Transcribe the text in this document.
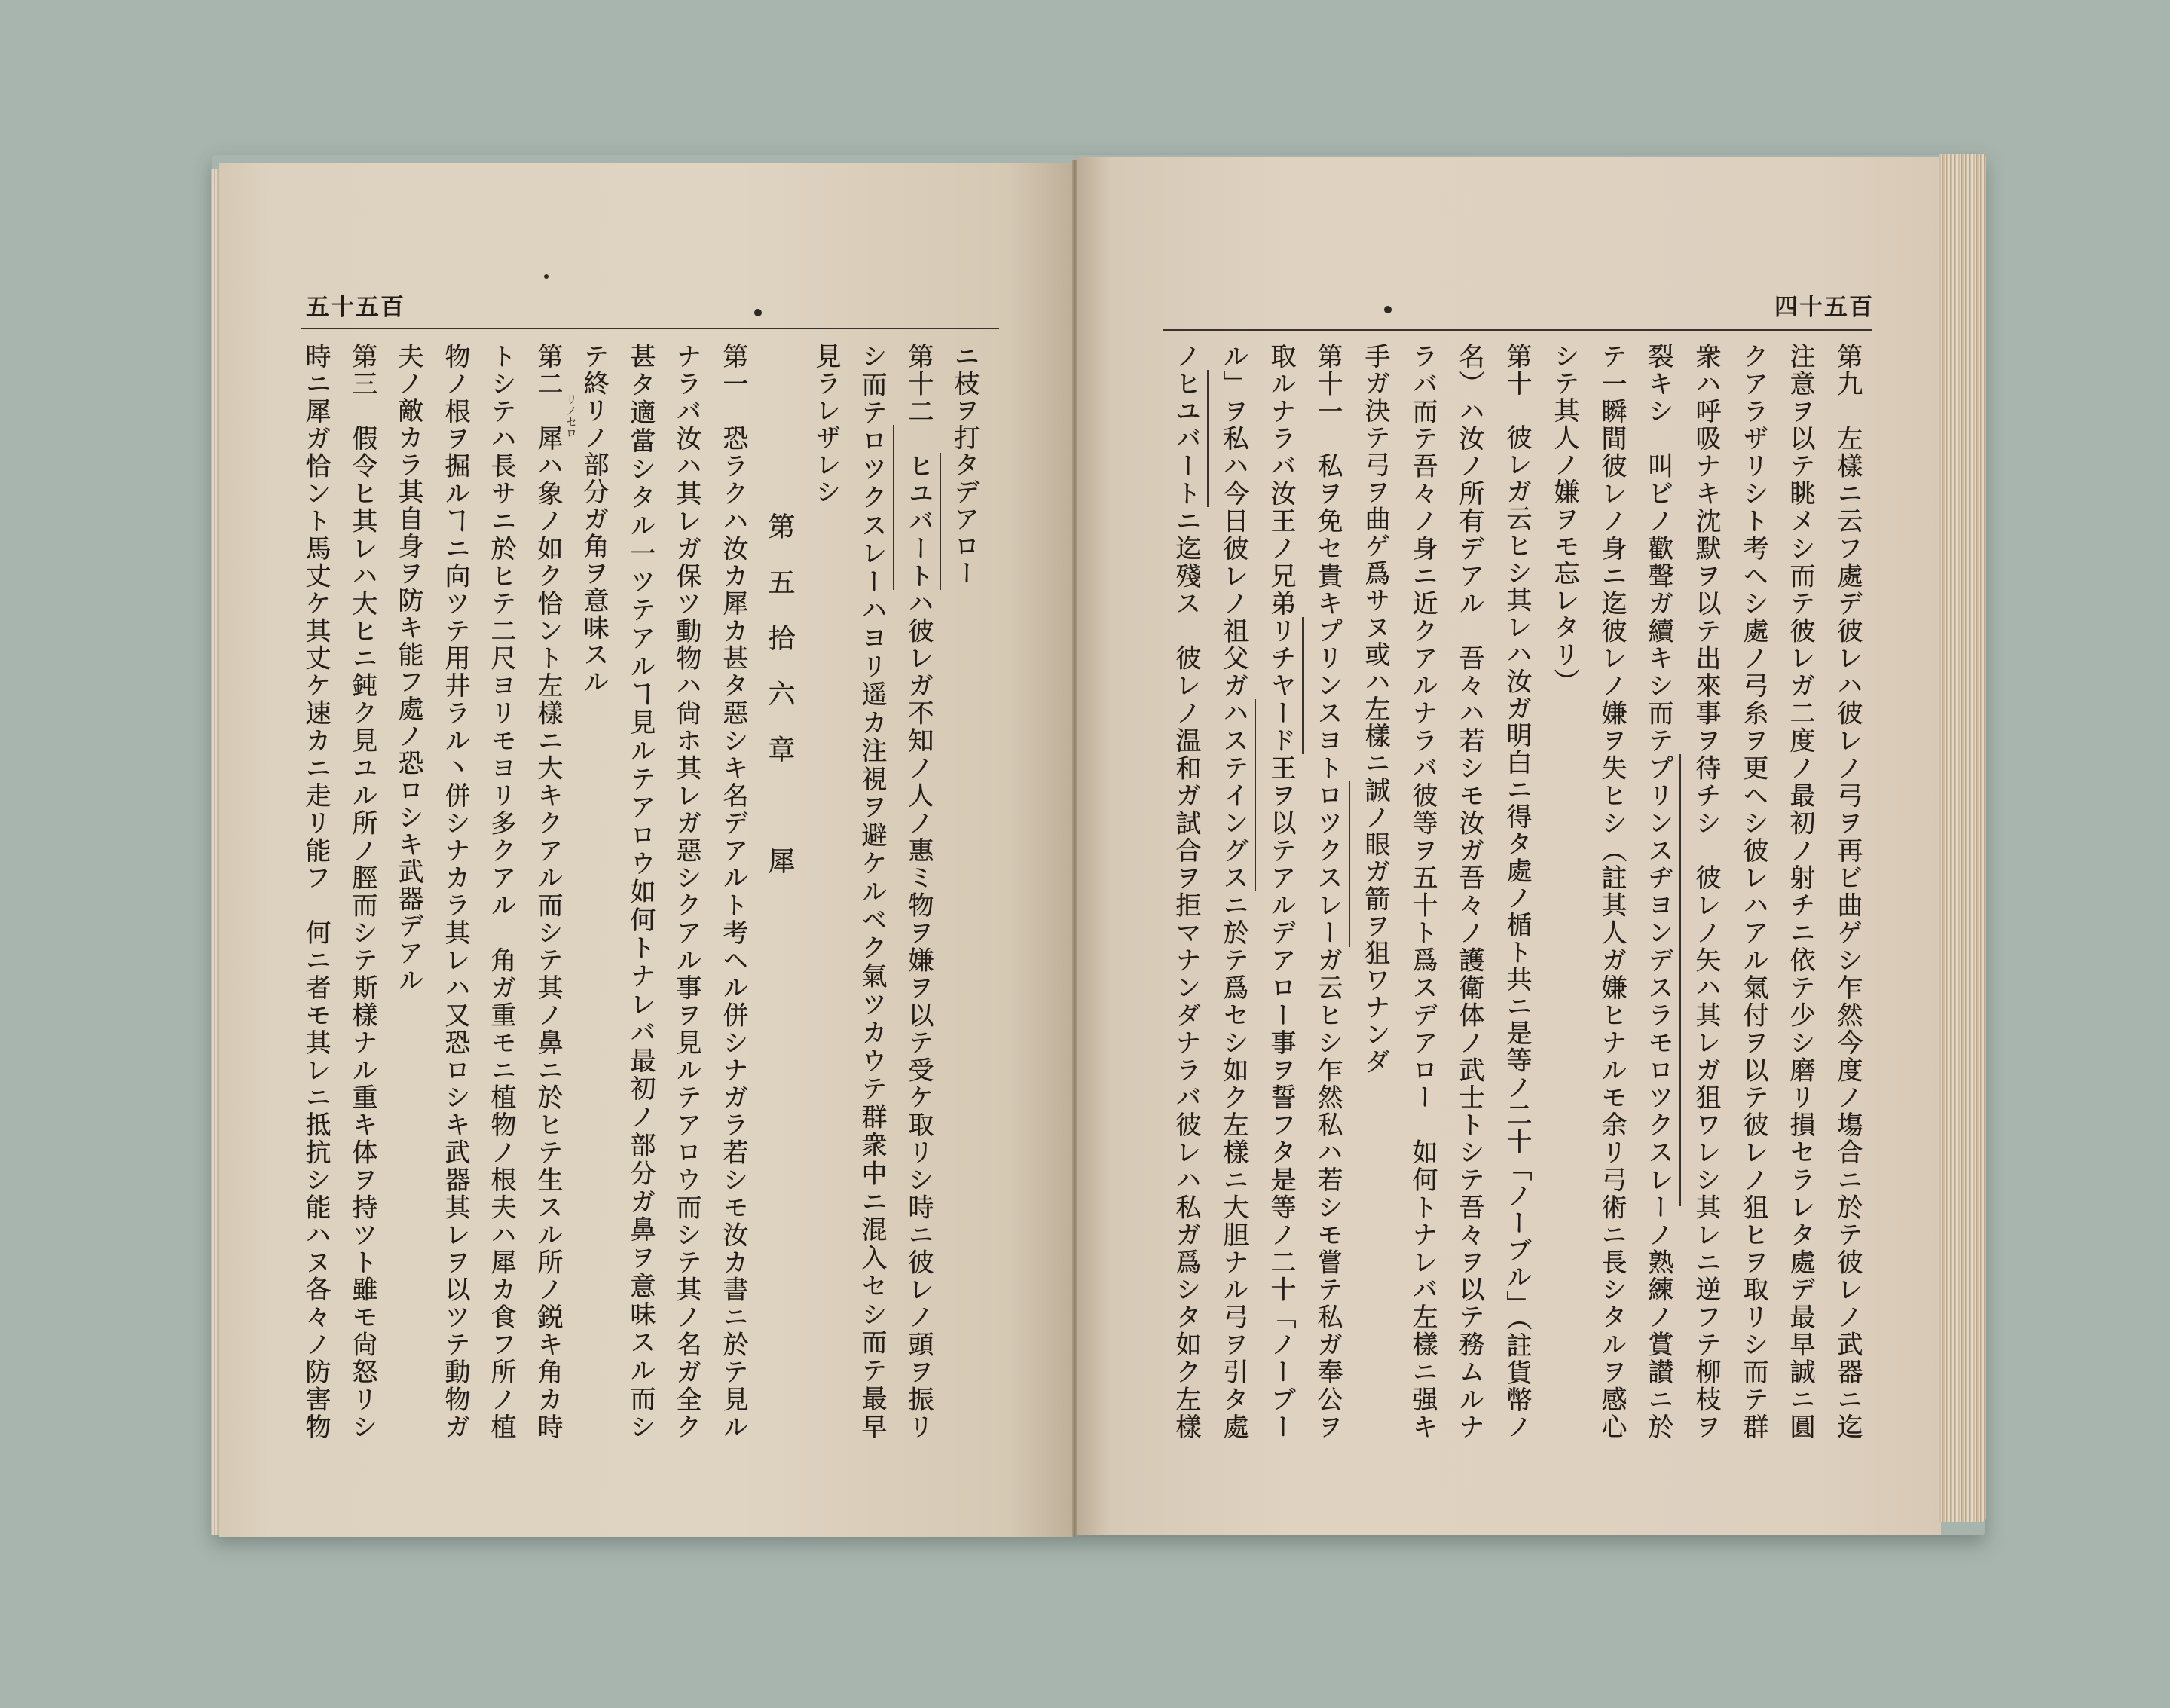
五十五百	四十五百
第九　左樣ニ云フ處デ彼レハ彼レノ弓ヲ再ビ曲ゲシ乍然今度ノ塲合ニ於テ彼レノ武器ニ迄
注意ヲ以テ眺メシ而テ彼レガ二度ノ最初ノ射チニ依テ少シ磨リ損セラレタ處デ最早誠ニ圓
クアラザリシト考ヘシ處ノ弓糸ヲ更ヘシ彼レハアル氣付ヲ以テ彼レノ狙ヒヲ取リシ而テ群
衆ハ呼吸ナキ沈默ヲ以テ出來事ヲ待チシ　彼レノ矢ハ其レガ狙ワレシ其レニ逆フテ柳枝ヲ
裂キシ　叫ビノ歡聲ガ續キシ而テプリンスヂヨンデスラモロツクスレーノ熟練ノ賞讃ニ於
テ一瞬間彼レノ身ニ迄彼レノ嫌ヲ失ヒシ（註其人ガ嫌ヒナルモ余リ弓術ニ長シタルヲ感心
シテ其人ノ嫌ヲモ忘レタリ）
第十　彼レガ云ヒシ其レハ汝ガ明白ニ得タ處ノ楯ト共ニ是等ノ二十「ノーブル」（註貨幣ノ
名）ハ汝ノ所有デアル　吾々ハ若シモ汝ガ吾々ノ護衛体ノ武士トシテ吾々ヲ以テ務ムルナ
ラバ而テ吾々ノ身ニ近クアルナラバ彼等ヲ五十ト爲スデアロー　如何トナレバ左樣ニ强キ
手ガ決テ弓ヲ曲ゲ爲サヌ或ハ左樣ニ誠ノ眼ガ箭ヲ狙ワナンダ
第十一　私ヲ免セ貴キプリンスヨトロツクスレーガ云ヒシ乍然私ハ若シモ嘗テ私ガ奉公ヲ
取ルナラバ汝王ノ兄弟リチヤード王ヲ以テアルデアロー事ヲ誓フタ是等ノ二十「ノーブー
ル」ヲ私ハ今日彼レノ祖父ガハステイングスニ於テ爲セシ如ク左樣ニ大胆ナル弓ヲ引タ處
ノヒユバートニ迄殘ス　彼レノ温和ガ試合ヲ拒マナンダナラバ彼レハ私ガ爲シタ如ク左樣
ニ枝ヲ打タデアロー
第十二　ヒユバートハ彼レガ不知ノ人ノ惠ミ物ヲ嫌ヲ以テ受ケ取リシ時ニ彼レノ頭ヲ振リ
シ而テロツクスレーハヨリ遥カ注視ヲ避ケルベク氣ツカウテ群衆中ニ混入セシ而テ最早
見ラレザレシ
第五拾六章　犀
第一　恐ラクハ汝カ犀カ甚タ惡シキ名デアルト考ヘル併シナガラ若シモ汝カ書ニ於テ見ル
ナラバ汝ハ其レガ保ツ動物ハ尙ホ其レガ惡シクアル事ヲ見ルテアロウ而シテ其ノ名ガ全ク
甚タ適當シタル一ツテアルヿ見ルテアロウ如何トナレバ最初ノ部分ガ鼻ヲ意味スル而シ
テ終リノ部分ガ角ヲ意味スル
第二　犀ハ象ノ如ク恰ント左樣ニ大キクアル而シテ其ノ鼻ニ於ヒテ生スル所ノ鋭キ角カ時
トシテハ長サニ於ヒテ二尺ヨリモヨリ多クアル　角ガ重モニ植物ノ根夫ハ犀カ食フ所ノ植
物ノ根ヲ掘ルヿニ向ツテ用井ラル丶併シナカラ其レハ又恐ロシキ武器其レヲ以ツテ動物ガ
夫ノ敵カラ其自身ヲ防キ能フ處ノ恐ロシキ武器デアル
第三　假令ヒ其レハ大ヒニ鈍ク見ユル所ノ脛而シテ斯樣ナル重キ体ヲ持ツト雖モ尙怒リシ
時ニ犀ガ恰ント馬丈ケ其丈ケ速カニ走リ能フ　何ニ者モ其レニ抵抗シ能ハヌ各々ノ防害物	リノセロ
